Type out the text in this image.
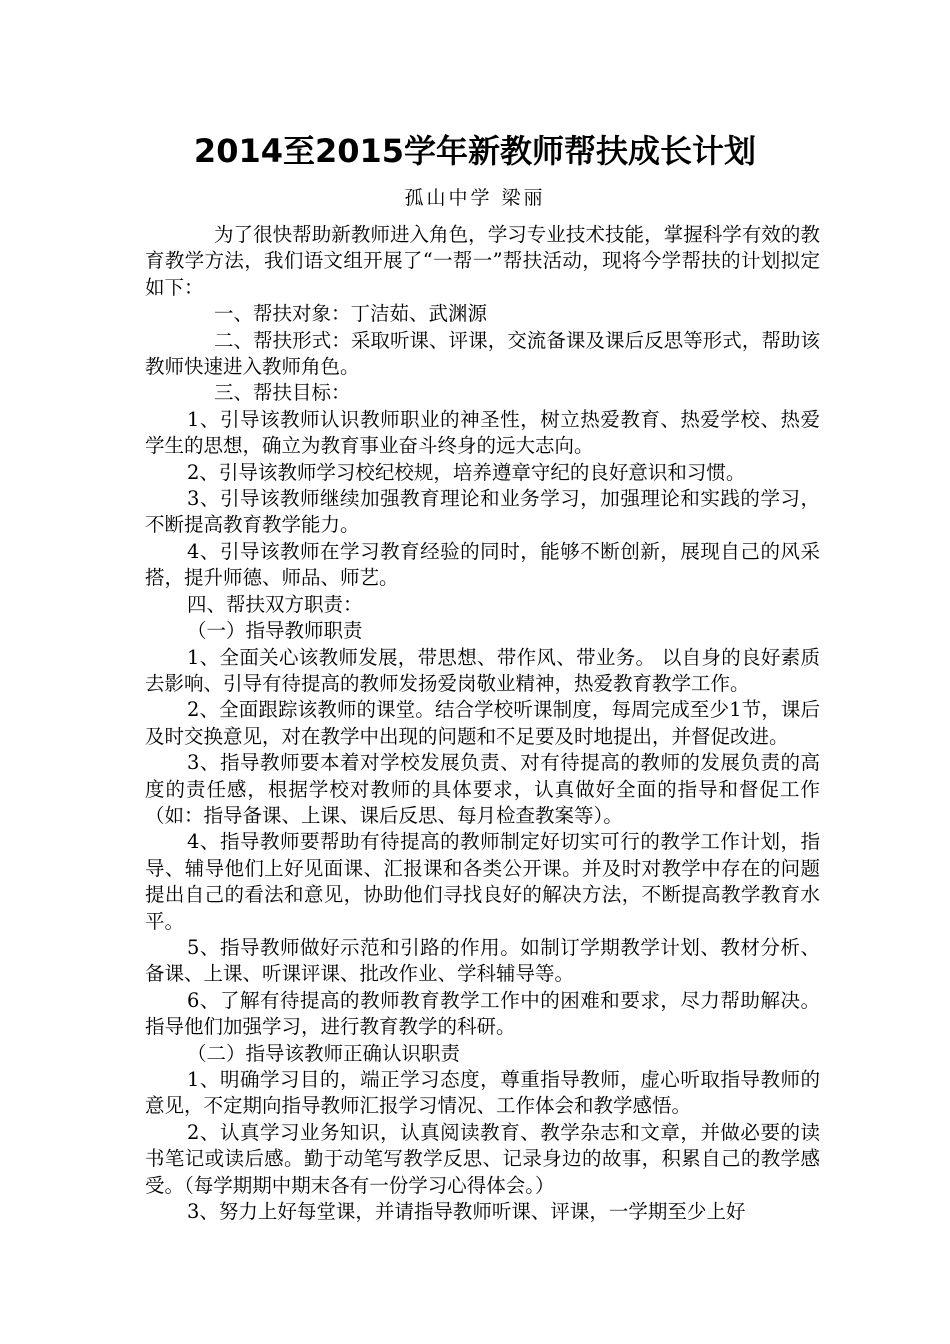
2014至2015学年新教师帮扶成长计划
孤山中学 梁丽

为了很快帮助新教师进入角色，学习专业技术技能，掌握科学有效的教育教学方法，我们语文组开展了“一帮一”帮扶活动，现将今学帮扶的计划拟定如下：

一、帮扶对象：丁洁茹、武渊源

二、帮扶形式：采取听课、评课，交流备课及课后反思等形式，帮助该教师快速进入教师角色。

三、帮扶目标：

1、引导该教师认识教师职业的神圣性，树立热爱教育、热爱学校、热爱学生的思想，确立为教育事业奋斗终身的远大志向。

2、引导该教师学习校纪校规，培养遵章守纪的良好意识和习惯。

3、引导该教师继续加强教育理论和业务学习，加强理论和实践的学习，不断提高教育教学能力。

4、引导该教师在学习教育经验的同时，能够不断创新，展现自己的风采搭，提升师德、师品、师艺。

四、帮扶双方职责：

（一）指导教师职责

1、全面关心该教师发展，带思想、带作风、带业务。 以自身的良好素质去影响、引导有待提高的教师发扬爱岗敬业精神，热爱教育教学工作。

2、全面跟踪该教师的课堂。结合学校听课制度，每周完成至少1节，课后及时交换意见，对在教学中出现的问题和不足要及时地提出，并督促改进。

3、指导教师要本着对学校发展负责、对有待提高的教师的发展负责的高度的责任感，根据学校对教师的具体要求，认真做好全面的指导和督促工作（如：指导备课、上课、课后反思、每月检查教案等）。

4、指导教师要帮助有待提高的教师制定好切实可行的教学工作计划，指导、辅导他们上好见面课、汇报课和各类公开课。并及时对教学中存在的问题提出自己的看法和意见，协助他们寻找良好的解决方法，不断提高教学教育水平。

5、指导教师做好示范和引路的作用。如制订学期教学计划、教材分析、备课、上课、听课评课、批改作业、学科辅导等。

6、了解有待提高的教师教育教学工作中的困难和要求，尽力帮助解决。指导他们加强学习，进行教育教学的科研。

（二）指导该教师正确认识职责

1、明确学习目的，端正学习态度，尊重指导教师，虚心听取指导教师的意见，不定期向指导教师汇报学习情况、工作体会和教学感悟。

2、认真学习业务知识，认真阅读教育、教学杂志和文章，并做必要的读书笔记或读后感。勤于动笔写教学反思、记录身边的故事，积累自己的教学感受。（每学期期中期末各有一份学习心得体会。）

3、努力上好每堂课，并请指导教师听课、评课，一学期至少上好
